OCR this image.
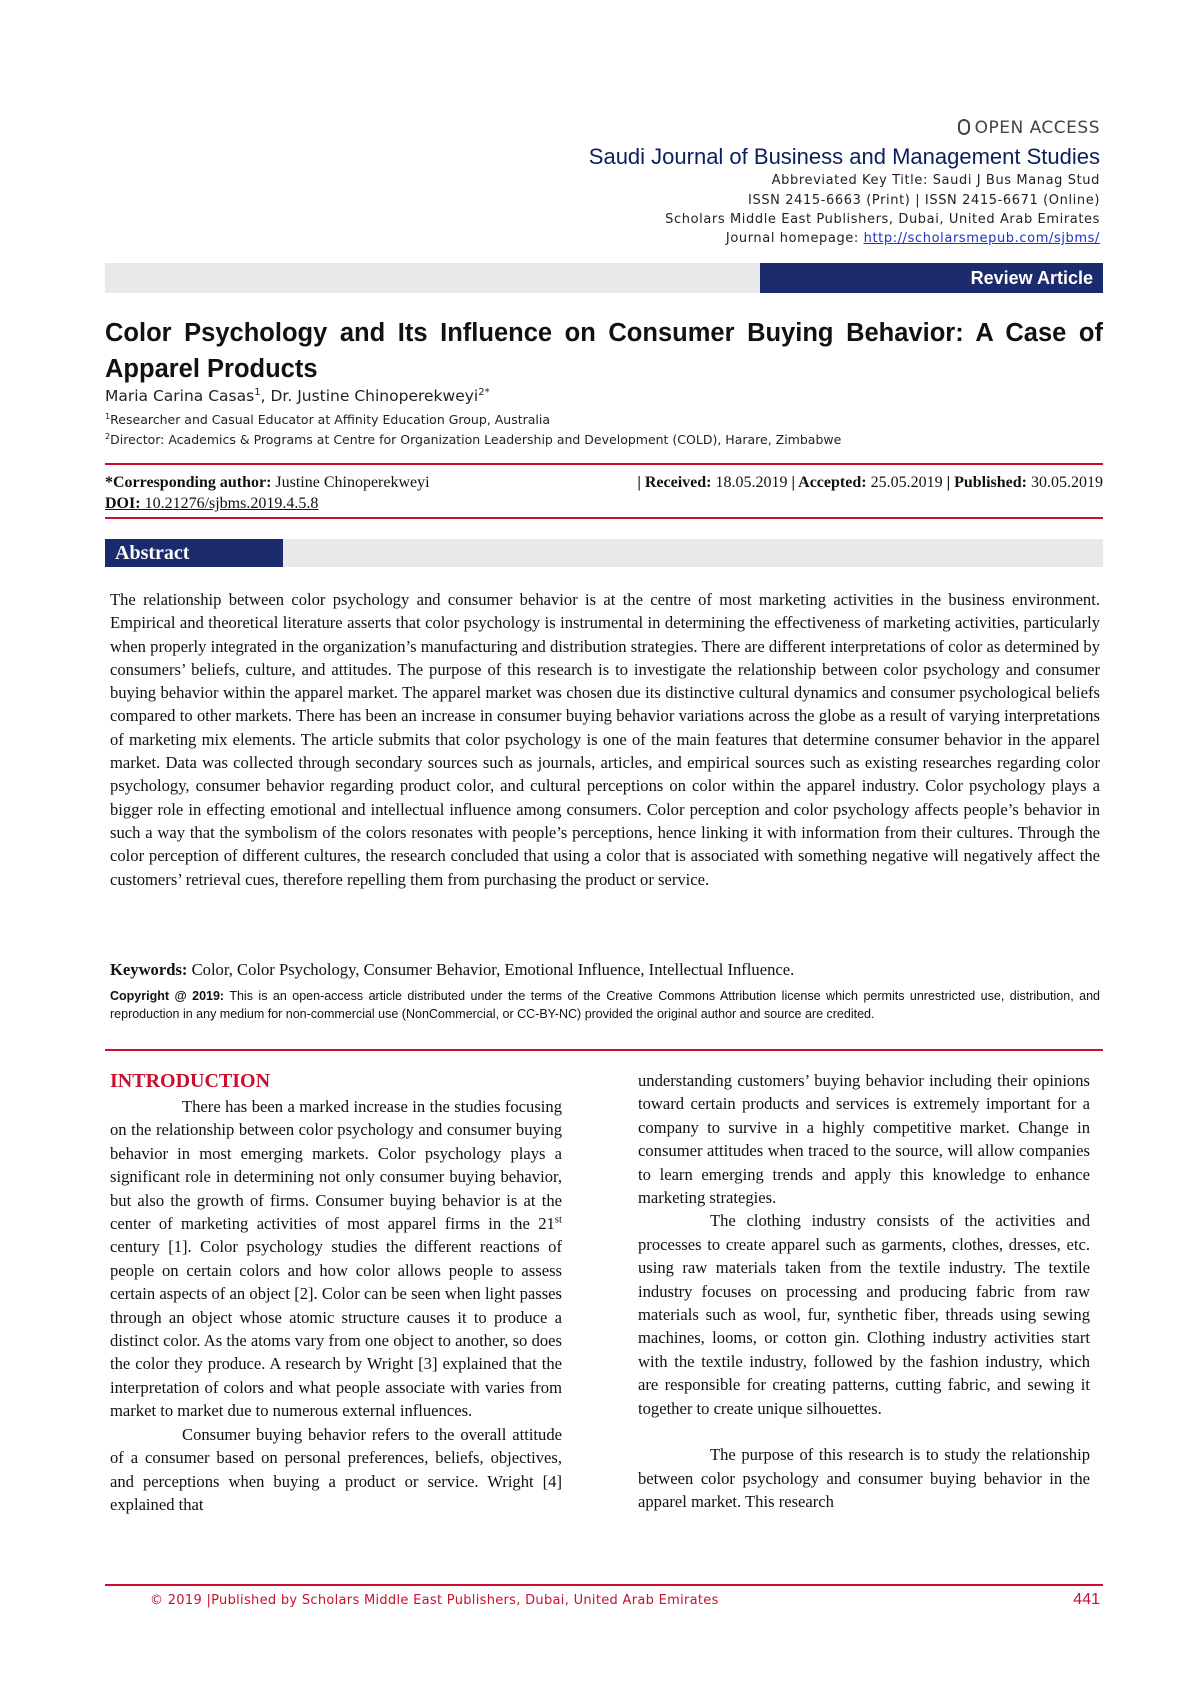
OPEN ACCESS
Saudi Journal of Business and Management Studies
Abbreviated Key Title: Saudi J Bus Manag Stud
ISSN 2415-6663 (Print) | ISSN 2415-6671 (Online)
Scholars Middle East Publishers, Dubai, United Arab Emirates
Journal homepage: http://scholarsmepub.com/sjbms/
Review Article
Color Psychology and Its Influence on Consumer Buying Behavior: A Case of Apparel Products
Maria Carina Casas$^1$, Dr. Justine Chinoperekweyi$^{2*}$
$^1$Researcher and Casual Educator at Affinity Education Group, Australia
$^2$Director: Academics & Programs at Centre for Organization Leadership and Development (COLD), Harare, Zimbabwe
*Corresponding author: Justine Chinoperekweyi	| Received: 18.05.2019 | Accepted: 25.05.2019 | Published: 30.05.2019
DOI: 10.21276/sjbms.2019.4.5.8
Abstract
The relationship between color psychology and consumer behavior is at the centre of most marketing activities in the business environment. Empirical and theoretical literature asserts that color psychology is instrumental in determining the effectiveness of marketing activities, particularly when properly integrated in the organization’s manufacturing and distribution strategies. There are different interpretations of color as determined by consumers’ beliefs, culture, and attitudes. The purpose of this research is to investigate the relationship between color psychology and consumer buying behavior within the apparel market. The apparel market was chosen due its distinctive cultural dynamics and consumer psychological beliefs compared to other markets. There has been an increase in consumer buying behavior variations across the globe as a result of varying interpretations of marketing mix elements. The article submits that color psychology is one of the main features that determine consumer behavior in the apparel market. Data was collected through secondary sources such as journals, articles, and empirical sources such as existing researches regarding color psychology, consumer behavior regarding product color, and cultural perceptions on color within the apparel industry. Color psychology plays a bigger role in effecting emotional and intellectual influence among consumers. Color perception and color psychology affects people’s behavior in such a way that the symbolism of the colors resonates with people’s perceptions, hence linking it with information from their cultures. Through the color perception of different cultures, the research concluded that using a color that is associated with something negative will negatively affect the customers’ retrieval cues, therefore repelling them from purchasing the product or service.
Keywords: Color, Color Psychology, Consumer Behavior, Emotional Influence, Intellectual Influence.
Copyright @ 2019: This is an open-access article distributed under the terms of the Creative Commons Attribution license which permits unrestricted use, distribution, and reproduction in any medium for non-commercial use (NonCommercial, or CC-BY-NC) provided the original author and source are credited.
INTRODUCTION

There has been a marked increase in the studies focusing on the relationship between color psychology and consumer buying behavior in most emerging markets. Color psychology plays a significant role in determining not only consumer buying behavior, but also the growth of firms. Consumer buying behavior is at the center of marketing activities of most apparel firms in the 21st century [1]. Color psychology studies the different reactions of people on certain colors and how color allows people to assess certain aspects of an object [2]. Color can be seen when light passes through an object whose atomic structure causes it to produce a distinct color. As the atoms vary from one object to another, so does the color they produce. A research by Wright [3] explained that the interpretation of colors and what people associate with varies from market to market due to numerous external influences.

Consumer buying behavior refers to the overall attitude of a consumer based on personal preferences, beliefs, objectives, and perceptions when buying a product or service. Wright [4] explained that

understanding customers’ buying behavior including their opinions toward certain products and services is extremely important for a company to survive in a highly competitive market. Change in consumer attitudes when traced to the source, will allow companies to learn emerging trends and apply this knowledge to enhance marketing strategies.

The clothing industry consists of the activities and processes to create apparel such as garments, clothes, dresses, etc. using raw materials taken from the textile industry. The textile industry focuses on processing and producing fabric from raw materials such as wool, fur, synthetic fiber, threads using sewing machines, looms, or cotton gin. Clothing industry activities start with the textile industry, followed by the fashion industry, which are responsible for creating patterns, cutting fabric, and sewing it together to create unique silhouettes.

The purpose of this research is to study the relationship between color psychology and consumer buying behavior in the apparel market. This research

© 2019 |Published by Scholars Middle East Publishers, Dubai, United Arab Emirates	441
